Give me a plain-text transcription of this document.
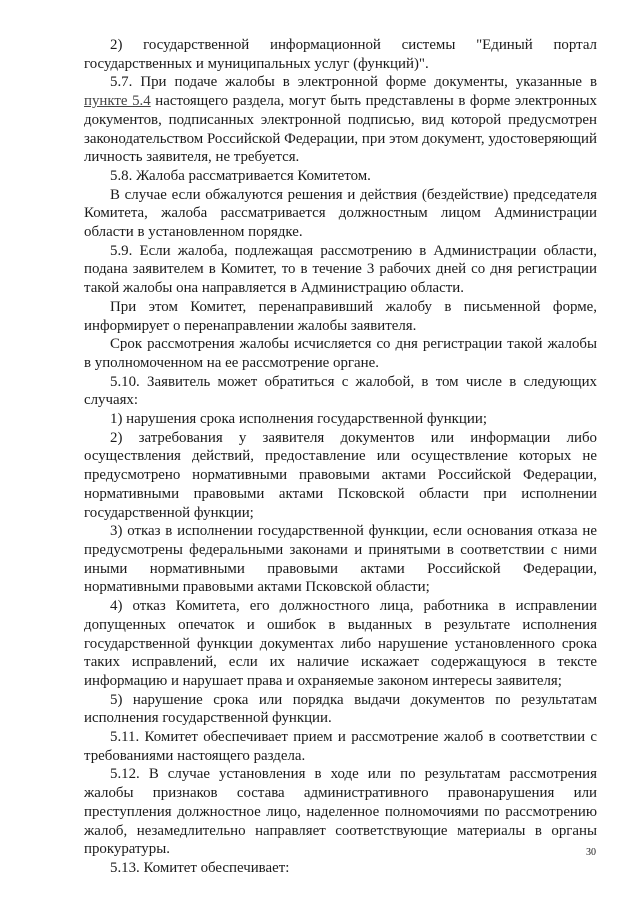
2) государственной информационной системы "Единый портал государственных и муниципальных услуг (функций)".

5.7. При подаче жалобы в электронной форме документы, указанные в пункте 5.4 настоящего раздела, могут быть представлены в форме электронных документов, подписанных электронной подписью, вид которой предусмотрен законодательством Российской Федерации, при этом документ, удостоверяющий личность заявителя, не требуется.

5.8. Жалоба рассматривается Комитетом.

В случае если обжалуются решения и действия (бездействие) председателя Комитета, жалоба рассматривается должностным лицом Администрации области в установленном порядке.

5.9. Если жалоба, подлежащая рассмотрению в Администрации области, подана заявителем в Комитет, то в течение 3 рабочих дней со дня регистрации такой жалобы она направляется в Администрацию области.

При этом Комитет, перенаправивший жалобу в письменной форме, информирует о перенаправлении жалобы заявителя.

Срок рассмотрения жалобы исчисляется со дня регистрации такой жалобы в уполномоченном на ее рассмотрение органе.

5.10. Заявитель может обратиться с жалобой, в том числе в следующих случаях:

1) нарушения срока исполнения государственной функции;

2) затребования у заявителя документов или информации либо осуществления действий, предоставление или осуществление которых не предусмотрено нормативными правовыми актами Российской Федерации, нормативными правовыми актами Псковской области при исполнении государственной функции;

3) отказ в исполнении государственной функции, если основания отказа не предусмотрены федеральными законами и принятыми в соответствии с ними иными нормативными правовыми актами Российской Федерации, нормативными правовыми актами Псковской области;

4) отказ Комитета, его должностного лица, работника в исправлении допущенных опечаток и ошибок в выданных в результате исполнения государственной функции документах либо нарушение установленного срока таких исправлений, если их наличие искажает содержащуюся в тексте информацию и нарушает права и охраняемые законом интересы заявителя;

5) нарушение срока или порядка выдачи документов по результатам исполнения государственной функции.

5.11. Комитет обеспечивает прием и рассмотрение жалоб в соответствии с требованиями настоящего раздела.

5.12. В случае установления в ходе или по результатам рассмотрения жалобы признаков состава административного правонарушения или преступления должностное лицо, наделенное полномочиями по рассмотрению жалоб, незамедлительно направляет соответствующие материалы в органы прокуратуры.

5.13. Комитет обеспечивает:

30
